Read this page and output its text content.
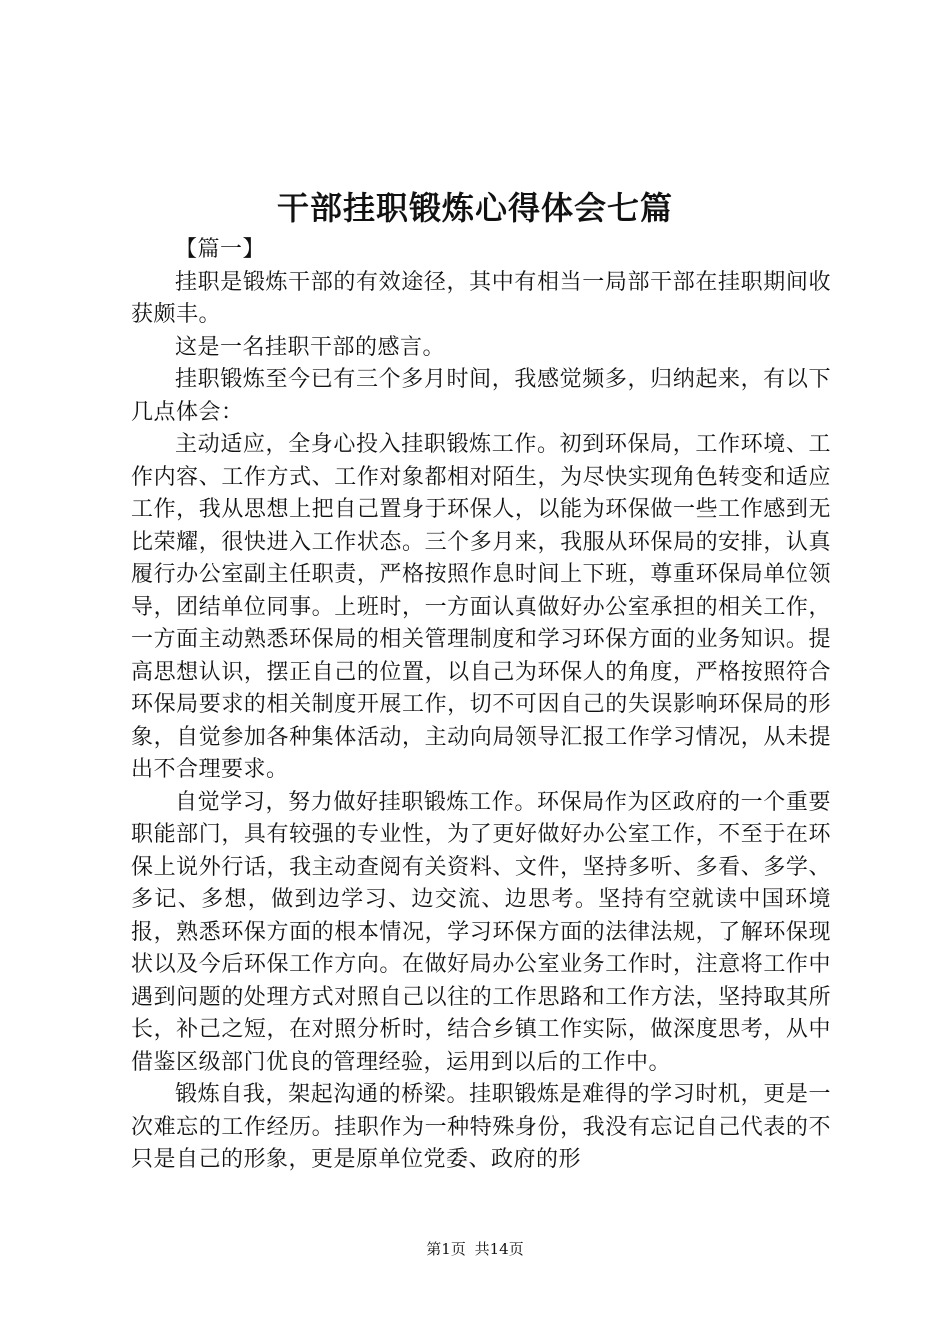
干部挂职锻炼心得体会七篇

【篇一】

挂职是锻炼干部的有效途径，其中有相当一局部干部在挂职期间收获颇丰。

这是一名挂职干部的感言。

挂职锻炼至今已有三个多月时间，我感觉频多，归纳起来，有以下几点体会：

主动适应，全身心投入挂职锻炼工作。初到环保局，工作环境、工作内容、工作方式、工作对象都相对陌生，为尽快实现角色转变和适应工作，我从思想上把自己置身于环保人，以能为环保做一些工作感到无比荣耀，很快进入工作状态。三个多月来，我服从环保局的安排，认真履行办公室副主任职责，严格按照作息时间上下班，尊重环保局单位领导，团结单位同事。上班时，一方面认真做好办公室承担的相关工作，一方面主动熟悉环保局的相关管理制度和学习环保方面的业务知识。提高思想认识，摆正自己的位置，以自己为环保人的角度，严格按照符合环保局要求的相关制度开展工作，切不可因自己的失误影响环保局的形象，自觉参加各种集体活动，主动向局领导汇报工作学习情况，从未提出不合理要求。

自觉学习，努力做好挂职锻炼工作。环保局作为区政府的一个重要职能部门，具有较强的专业性，为了更好做好办公室工作，不至于在环保上说外行话，我主动查阅有关资料、文件，坚持多听、多看、多学、多记、多想，做到边学习、边交流、边思考。坚持有空就读中国环境报，熟悉环保方面的根本情况，学习环保方面的法律法规，了解环保现状以及今后环保工作方向。在做好局办公室业务工作时，注意将工作中遇到问题的处理方式对照自己以往的工作思路和工作方法，坚持取其所长，补己之短，在对照分析时，结合乡镇工作实际，做深度思考，从中借鉴区级部门优良的管理经验，运用到以后的工作中。

锻炼自我，架起沟通的桥梁。挂职锻炼是难得的学习时机，更是一次难忘的工作经历。挂职作为一种特殊身份，我没有忘记自己代表的不只是自己的形象，更是原单位党委、政府的形

第1页 共14页
